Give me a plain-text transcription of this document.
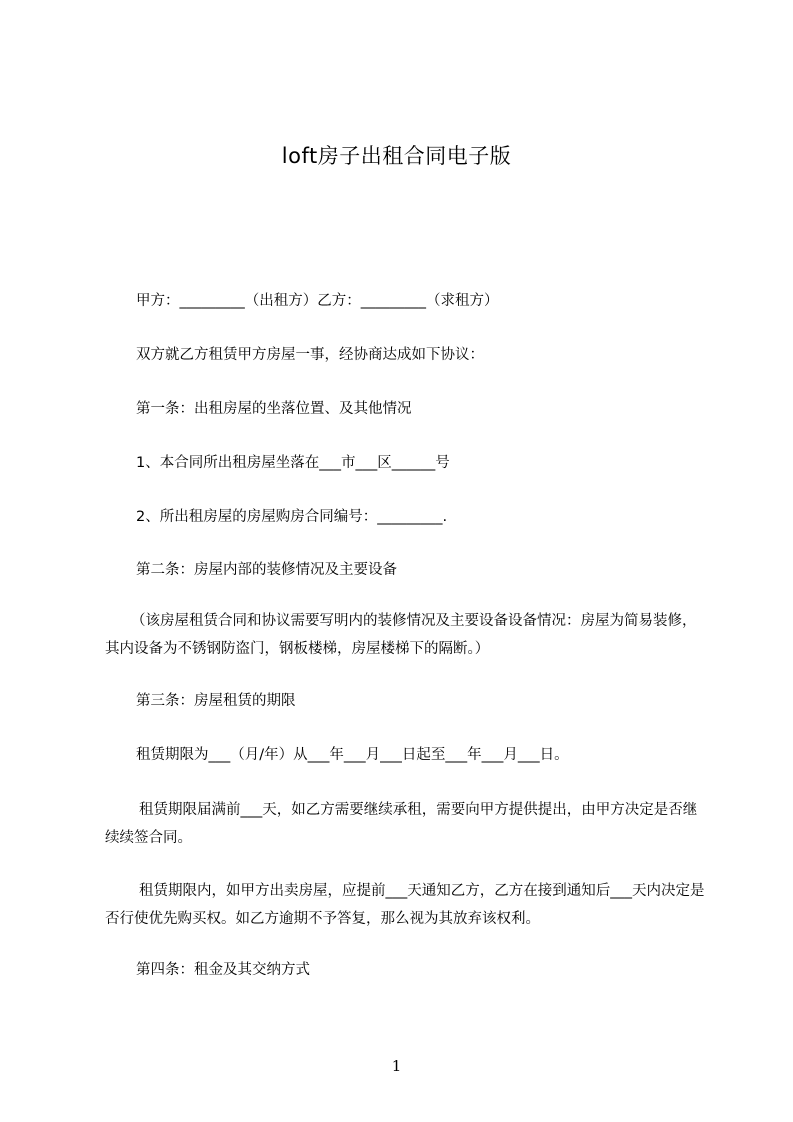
loft房子出租合同电子版
甲方：_________（出租方）乙方：_________（求租方）
双方就乙方租赁甲方房屋一事，经协商达成如下协议：
第一条：出租房屋的坐落位置、及其他情况
1、本合同所出租房屋坐落在___市___区______号
2、所出租房屋的房屋购房合同编号：_________.
第二条：房屋内部的装修情况及主要设备
（该房屋租赁合同和协议需要写明内的装修情况及主要设备设备情况：房屋为简易装修，其内设备为不锈钢防盗门，钢板楼梯，房屋楼梯下的隔断。）
第三条：房屋租赁的期限
租赁期限为___（月/年）从___年___月___日起至___年___月___日。
租赁期限届满前___天，如乙方需要继续承租，需要向甲方提供提出，由甲方决定是否继续续签合同。
租赁期限内，如甲方出卖房屋，应提前___天通知乙方，乙方在接到通知后___天内决定是否行使优先购买权。如乙方逾期不予答复，那么视为其放弃该权利。
第四条：租金及其交纳方式
1
